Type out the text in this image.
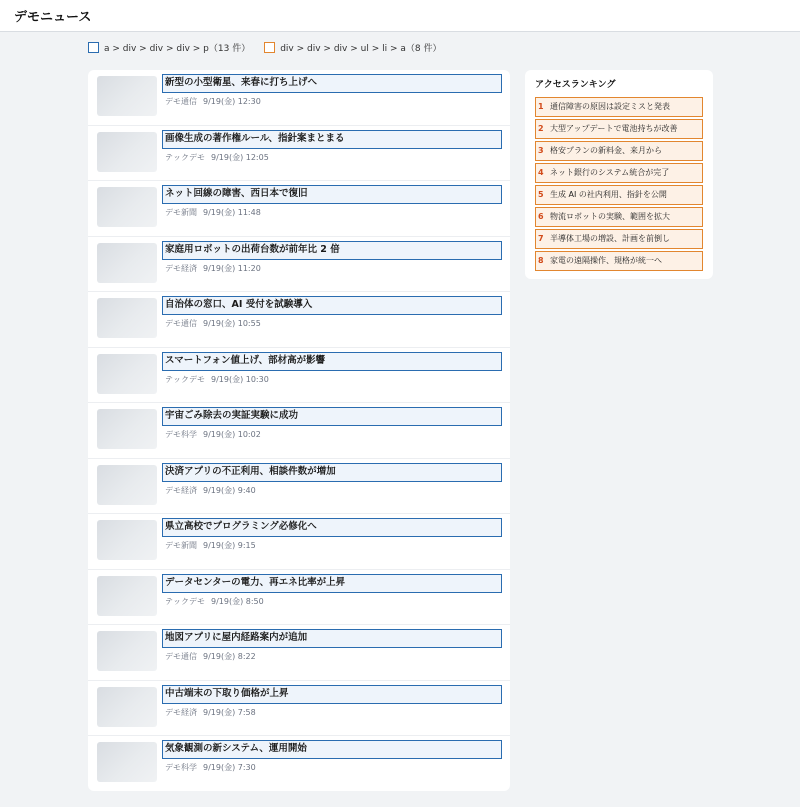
デモニュース
a > div > div > div > p（13 件）	div > div > div > ul > li > a（8 件）
新型の小型衛星、来春に打ち上げへ
デモ通信 9/19(金) 12:30
画像生成の著作権ルール、指針案まとまる
テックデモ 9/19(金) 12:05
ネット回線の障害、西日本で復旧
デモ新聞 9/19(金) 11:48
家庭用ロボットの出荷台数が前年比 2 倍
デモ経済 9/19(金) 11:20
自治体の窓口、AI 受付を試験導入
デモ通信 9/19(金) 10:55
スマートフォン値上げ、部材高が影響
テックデモ 9/19(金) 10:30
宇宙ごみ除去の実証実験に成功
デモ科学 9/19(金) 10:02
決済アプリの不正利用、相談件数が増加
デモ経済 9/19(金) 9:40
県立高校でプログラミング必修化へ
デモ新聞 9/19(金) 9:15
データセンターの電力、再エネ比率が上昇
テックデモ 9/19(金) 8:50
地図アプリに屋内経路案内が追加
デモ通信 9/19(金) 8:22
中古端末の下取り価格が上昇
デモ経済 9/19(金) 7:58
気象観測の新システム、運用開始
デモ科学 9/19(金) 7:30
アクセスランキング
1 通信障害の原因は設定ミスと発表
2 大型アップデートで電池持ちが改善
3 格安プランの新料金、来月から
4 ネット銀行のシステム統合が完了
5 生成 AI の社内利用、指針を公開
6 物流ロボットの実験、範囲を拡大
7 半導体工場の増設、計画を前倒し
8 家電の遠隔操作、規格が統一へ
